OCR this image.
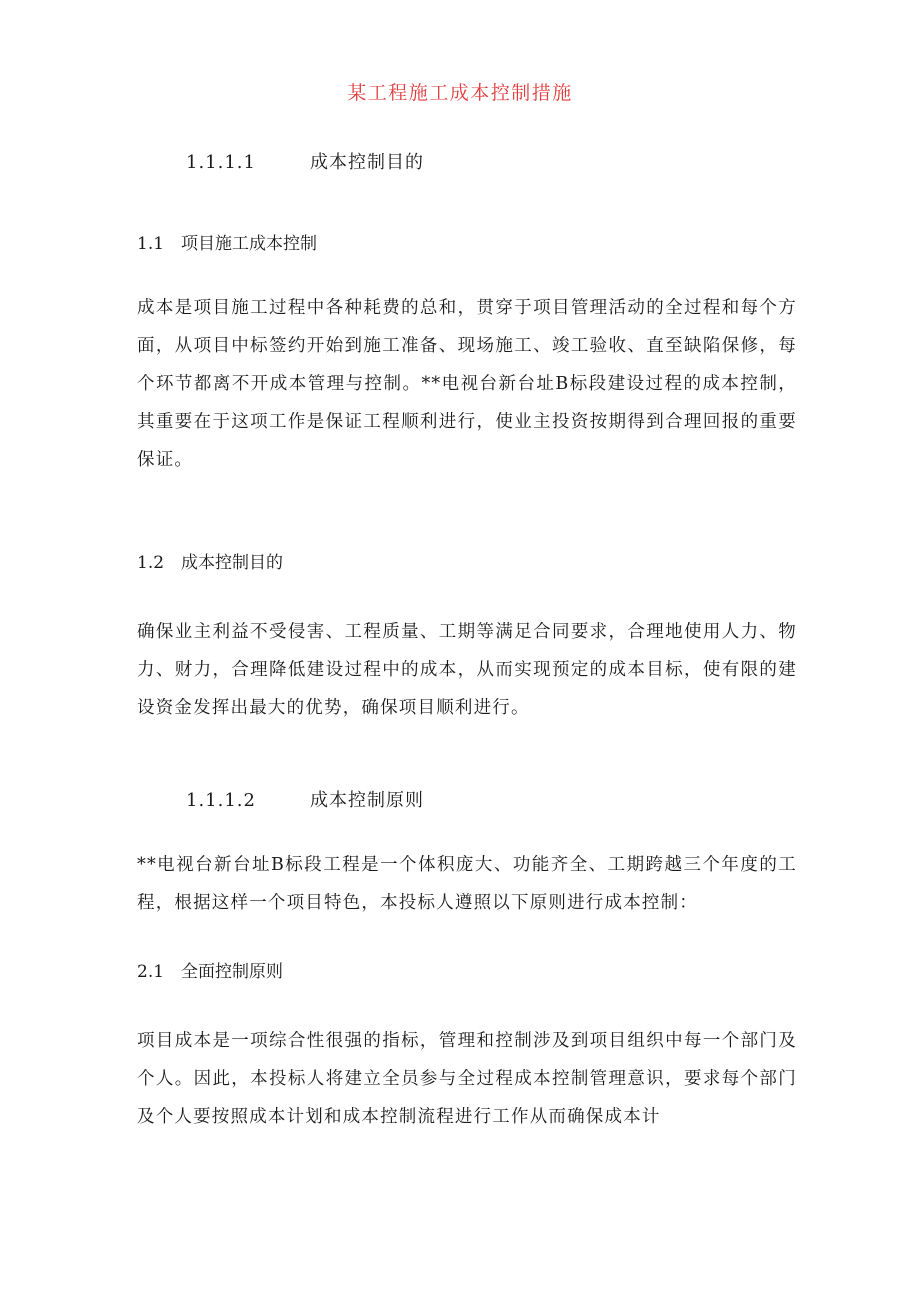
某工程施工成本控制措施
1.1.1.1	成本控制目的
1.1 项目施工成本控制
成本是项目施工过程中各种耗费的总和，贯穿于项目管理活动的全过程和每个方面，从项目中标签约开始到施工准备、现场施工、竣工验收、直至缺陷保修，每个环节都离不开成本管理与控制。**电视台新台址B标段建设过程的成本控制，其重要在于这项工作是保证工程顺利进行，使业主投资按期得到合理回报的重要保证。
1.2 成本控制目的
确保业主利益不受侵害、工程质量、工期等满足合同要求，合理地使用人力、物力、财力，合理降低建设过程中的成本，从而实现预定的成本目标，使有限的建设资金发挥出最大的优势，确保项目顺利进行。
1.1.1.2	成本控制原则
**电视台新台址B标段工程是一个体积庞大、功能齐全、工期跨越三个年度的工程，根据这样一个项目特色，本投标人遵照以下原则进行成本控制：
2.1 全面控制原则
项目成本是一项综合性很强的指标，管理和控制涉及到项目组织中每一个部门及个人。因此，本投标人将建立全员参与全过程成本控制管理意识，要求每个部门及个人要按照成本计划和成本控制流程进行工作从而确保成本计
